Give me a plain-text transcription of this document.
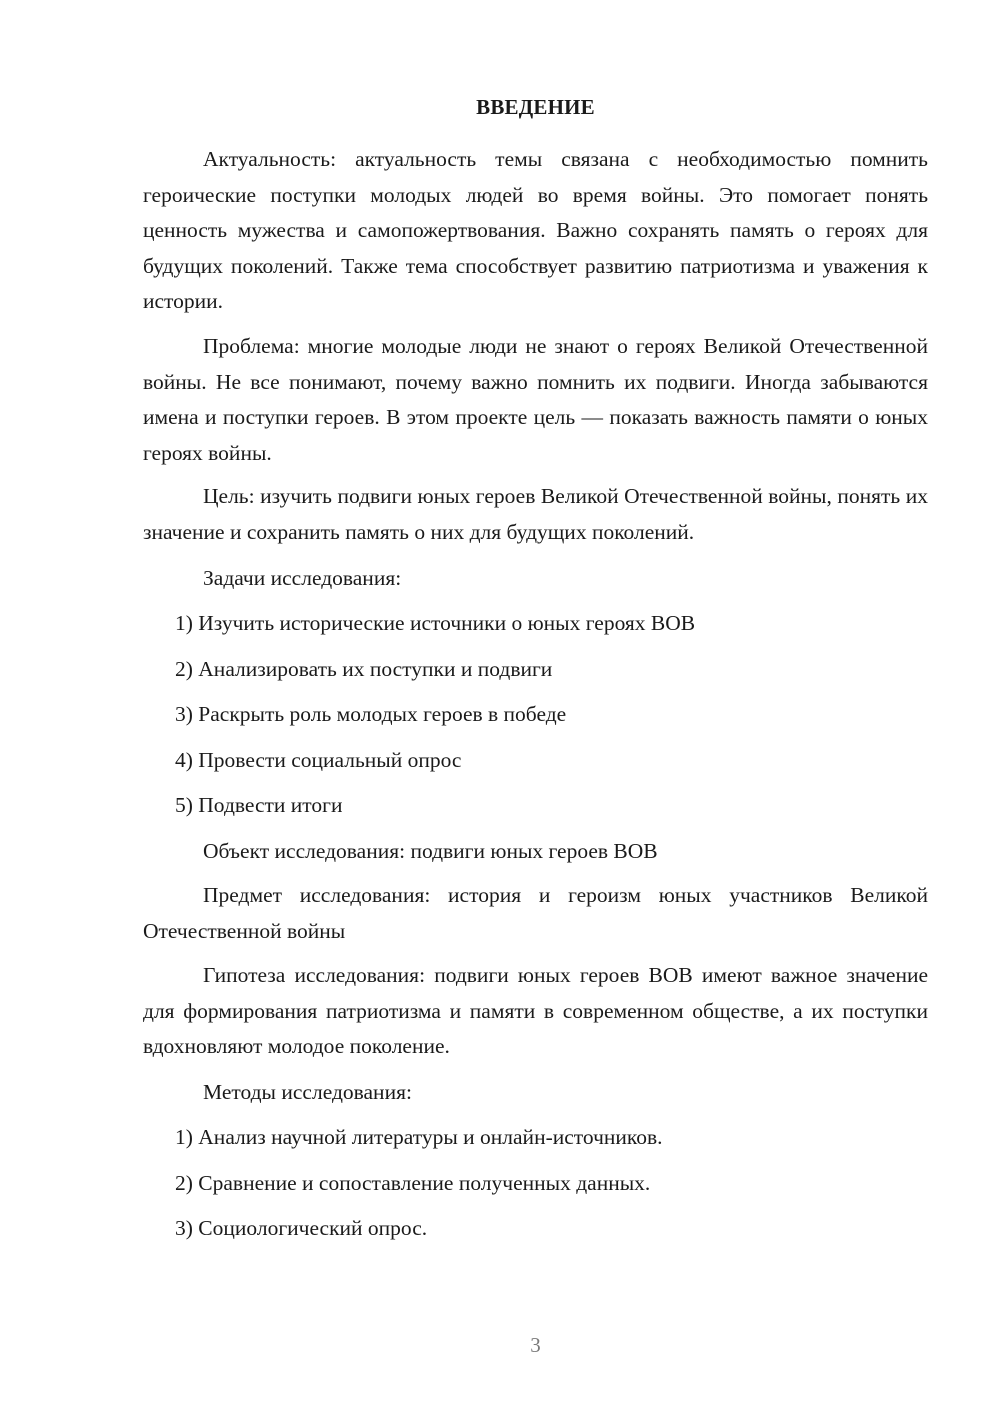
ВВЕДЕНИЕ

Актуальность: актуальность темы связана с необходимостью помнить героические поступки молодых людей во время войны. Это помогает понять ценность мужества и самопожертвования. Важно сохранять память о героях для будущих поколений. Также тема способствует развитию патриотизма и уважения к истории.

Проблема: многие молодые люди не знают о героях Великой Отечественной войны. Не все понимают, почему важно помнить их подвиги. Иногда забываются имена и поступки героев. В этом проекте цель — показать важность памяти о юных героях войны.

Цель: изучить подвиги юных героев Великой Отечественной войны, понять их значение и сохранить память о них для будущих поколений.

Задачи исследования:
1) Изучить исторические источники о юных героях ВОВ
2) Анализировать их поступки и подвиги
3) Раскрыть роль молодых героев в победе
4) Провести социальный опрос
5) Подвести итоги
Объект исследования: подвиги юных героев ВОВ

Предмет исследования: история и героизм юных участников Великой Отечественной войны

Гипотеза исследования: подвиги юных героев ВОВ имеют важное значение для формирования патриотизма и памяти в современном обществе, а их поступки вдохновляют молодое поколение.

Методы исследования:
1) Анализ научной литературы и онлайн-источников.
2) Сравнение и сопоставление полученных данных.
3) Социологический опрос.
3
